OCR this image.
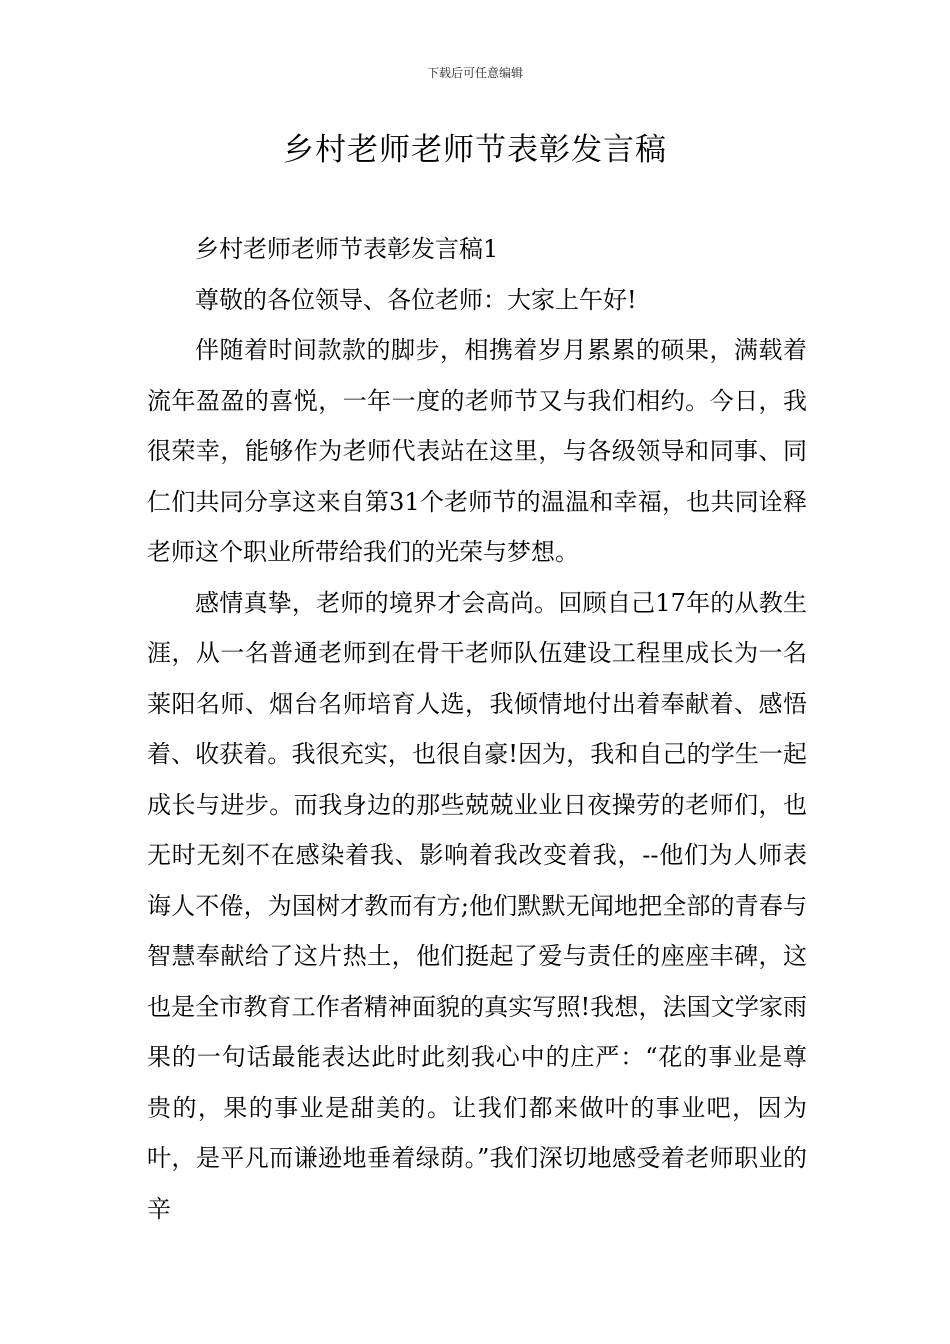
下载后可任意编辑
乡村老师老师节表彰发言稿

乡村老师老师节表彰发言稿1

尊敬的各位领导、各位老师：大家上午好!

伴随着时间款款的脚步，相携着岁月累累的硕果，满载着流年盈盈的喜悦，一年一度的老师节又与我们相约。今日，我很荣幸，能够作为老师代表站在这里，与各级领导和同事、同仁们共同分享这来自第31个老师节的温温和幸福，也共同诠释老师这个职业所带给我们的光荣与梦想。

感情真挚，老师的境界才会高尚。回顾自己17年的从教生涯，从一名普通老师到在骨干老师队伍建设工程里成长为一名莱阳名师、烟台名师培育人选，我倾情地付出着奉献着、感悟着、收获着。我很充实，也很自豪!因为，我和自己的学生一起成长与进步。而我身边的那些兢兢业业日夜操劳的老师们，也无时无刻不在感染着我、影响着我改变着我，--他们为人师表诲人不倦，为国树才教而有方;他们默默无闻地把全部的青春与智慧奉献给了这片热土，他们挺起了爱与责任的座座丰碑，这也是全市教育工作者精神面貌的真实写照!我想，法国文学家雨果的一句话最能表达此时此刻我心中的庄严：“花的事业是尊贵的，果的事业是甜美的。让我们都来做叶的事业吧，因为叶，是平凡而谦逊地垂着绿荫。”我们深切地感受着老师职业的辛
